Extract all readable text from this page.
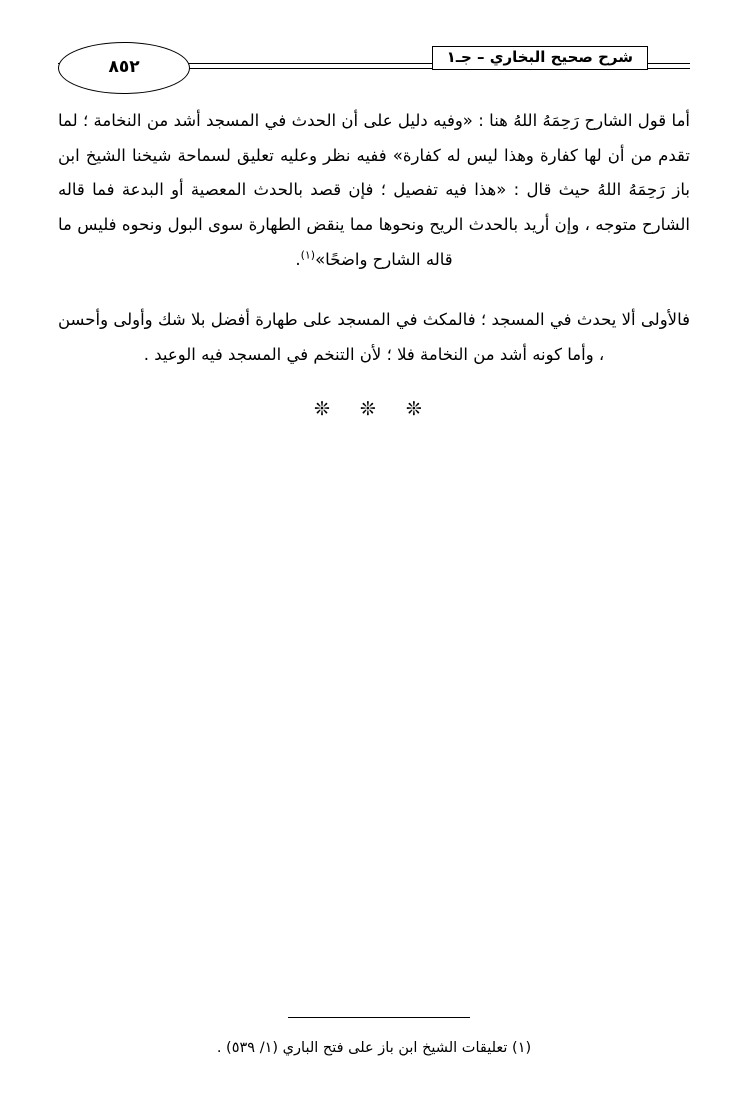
شرح صحيح البخاري – جـ١
٨٥٢

أما قول الشارح رَحِمَهُ اللهُ هنا : «وفيه دليل على أن الحدث في المسجد أشد من النخامة ؛ لما تقدم من أن لها كفارة وهذا ليس له كفارة» ففيه نظر وعليه تعليق لسماحة شيخنا الشيخ ابن باز رَحِمَهُ اللهُ حيث قال : «هذا فيه تفصيل ؛ فإن قصد بالحدث المعصية أو البدعة فما قاله الشارح متوجه ، وإن أريد بالحدث الريح ونحوها مما ينقض الطهارة سوى البول ونحوه فليس ما قاله الشارح واضحًا»$^{(١)}$.

فالأولى ألا يحدث في المسجد ؛ فالمكث في المسجد على طهارة أفضل بلا شك وأولى وأحسن ، وأما كونه أشد من النخامة فلا ؛ لأن التنخم في المسجد فيه الوعيد .

❊ ❊ ❊
(١) تعليقات الشيخ ابن باز على فتح الباري (١/ ٥٣٩) .
